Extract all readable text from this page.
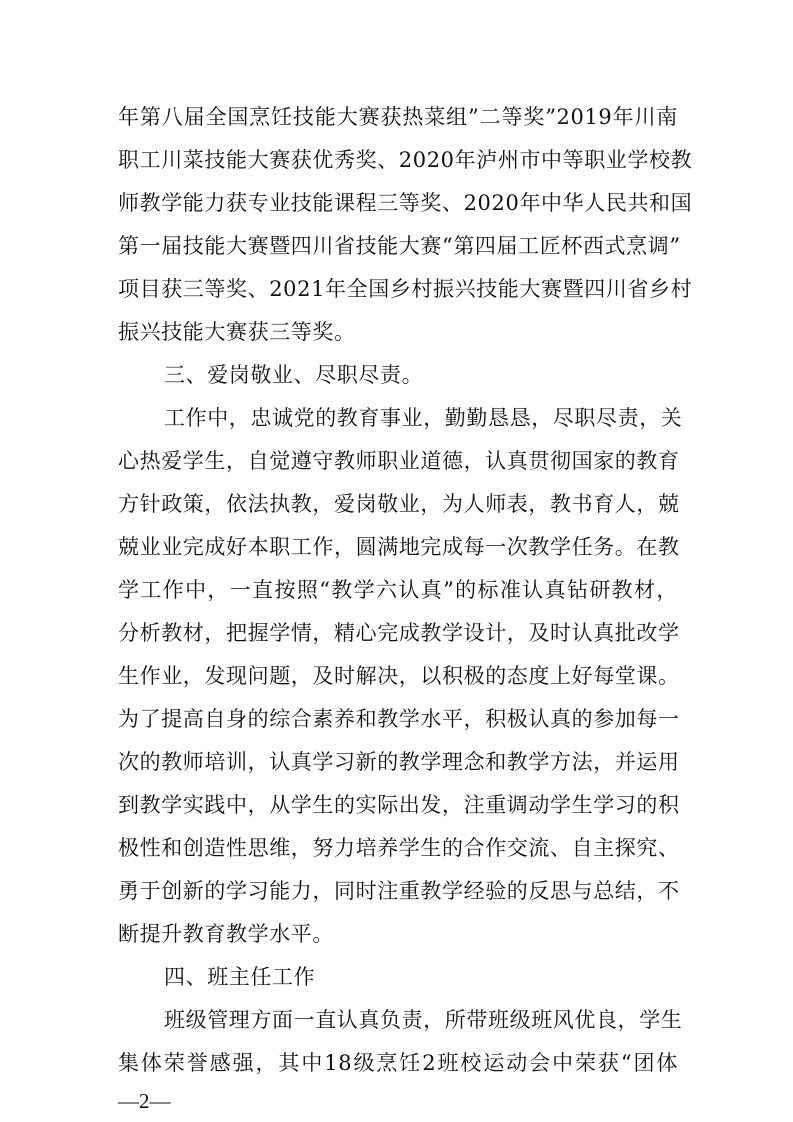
年第八届全国烹饪技能大赛获热菜组”二等奖”2019年川南
职工川菜技能大赛获优秀奖、2020年泸州市中等职业学校教
师教学能力获专业技能课程三等奖、2020年中华人民共和国
第一届技能大赛暨四川省技能大赛“第四届工匠杯西式烹调”
项目获三等奖、2021年全国乡村振兴技能大赛暨四川省乡村
振兴技能大赛获三等奖。
三、爱岗敬业、尽职尽责。
工作中，忠诚党的教育事业，勤勤恳恳，尽职尽责，关
心热爱学生，自觉遵守教师职业道德，认真贯彻国家的教育
方针政策，依法执教，爱岗敬业，为人师表，教书育人，兢
兢业业完成好本职工作，圆满地完成每一次教学任务。在教
学工作中，一直按照“教学六认真”的标准认真钻研教材，
分析教材，把握学情，精心完成教学设计，及时认真批改学
生作业，发现问题，及时解决，以积极的态度上好每堂课。
为了提高自身的综合素养和教学水平，积极认真的参加每一
次的教师培训，认真学习新的教学理念和教学方法，并运用
到教学实践中，从学生的实际出发，注重调动学生学习的积
极性和创造性思维，努力培养学生的合作交流、自主探究、
勇于创新的学习能力，同时注重教学经验的反思与总结，不
断提升教育教学水平。
四、班主任工作
班级管理方面一直认真负责，所带班级班风优良，学生
集体荣誉感强，其中18级烹饪2班校运动会中荣获“团体
—2—
